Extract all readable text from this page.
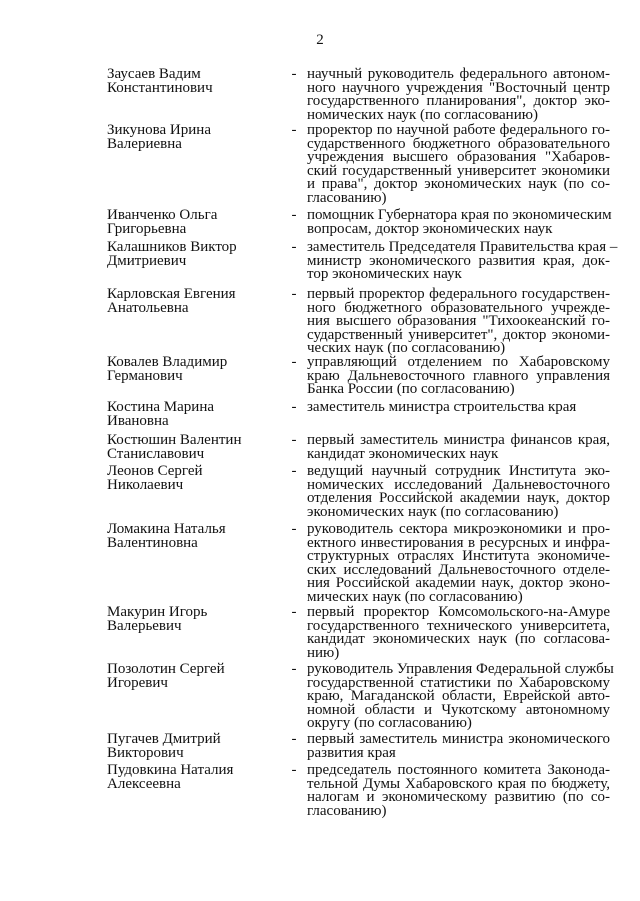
2
Заусаев Вадим
Константинович
- научный руководитель федерального автоном-
ного научного учреждения "Восточный центр
государственного планирования", доктор эко-
номических наук (по согласованию)
Зикунова Ирина
Валериевна
- проректор по научной работе федерального го-
сударственного бюджетного образовательного
учреждения высшего образования "Хабаров-
ский государственный университет экономики
и права", доктор экономических наук (по со-
гласованию)
Иванченко Ольга
Григорьевна
- помощник Губернатора края по экономическим
вопросам, доктор экономических наук
Калашников Виктор
Дмитриевич
- заместитель Председателя Правительства края –
министр экономического развития края, док-
тор экономических наук
Карловская Евгения
Анатольевна
- первый проректор федерального государствен-
ного бюджетного образовательного учрежде-
ния высшего образования "Тихоокеанский го-
сударственный университет", доктор экономи-
ческих наук (по согласованию)
Ковалев Владимир
Германович
- управляющий отделением по Хабаровскому
краю Дальневосточного главного управления
Банка России (по согласованию)
Костина Марина
Ивановна
- заместитель министра строительства края
Костюшин Валентин
Станиславович
- первый заместитель министра финансов края,
кандидат экономических наук
Леонов Сергей
Николаевич
- ведущий научный сотрудник Института эко-
номических исследований Дальневосточного
отделения Российской академии наук, доктор
экономических наук (по согласованию)
Ломакина Наталья
Валентиновна
- руководитель сектора микроэкономики и про-
ектного инвестирования в ресурсных и инфра-
структурных отраслях Института экономиче-
ских исследований Дальневосточного отделе-
ния Российской академии наук, доктор эконо-
мических наук (по согласованию)
Макурин Игорь
Валерьевич
- первый проректор Комсомольского-на-Амуре
государственного технического университета,
кандидат экономических наук (по согласова-
нию)
Позолотин Сергей
Игоревич
- руководитель Управления Федеральной службы
государственной статистики по Хабаровскому
краю, Магаданской области, Еврейской авто-
номной области и Чукотскому автономному
округу (по согласованию)
Пугачев Дмитрий
Викторович
- первый заместитель министра экономического
развития края
Пудовкина Наталия
Алексеевна
- председатель постоянного комитета Законода-
тельной Думы Хабаровского края по бюджету,
налогам и экономическому развитию (по со-
гласованию)
